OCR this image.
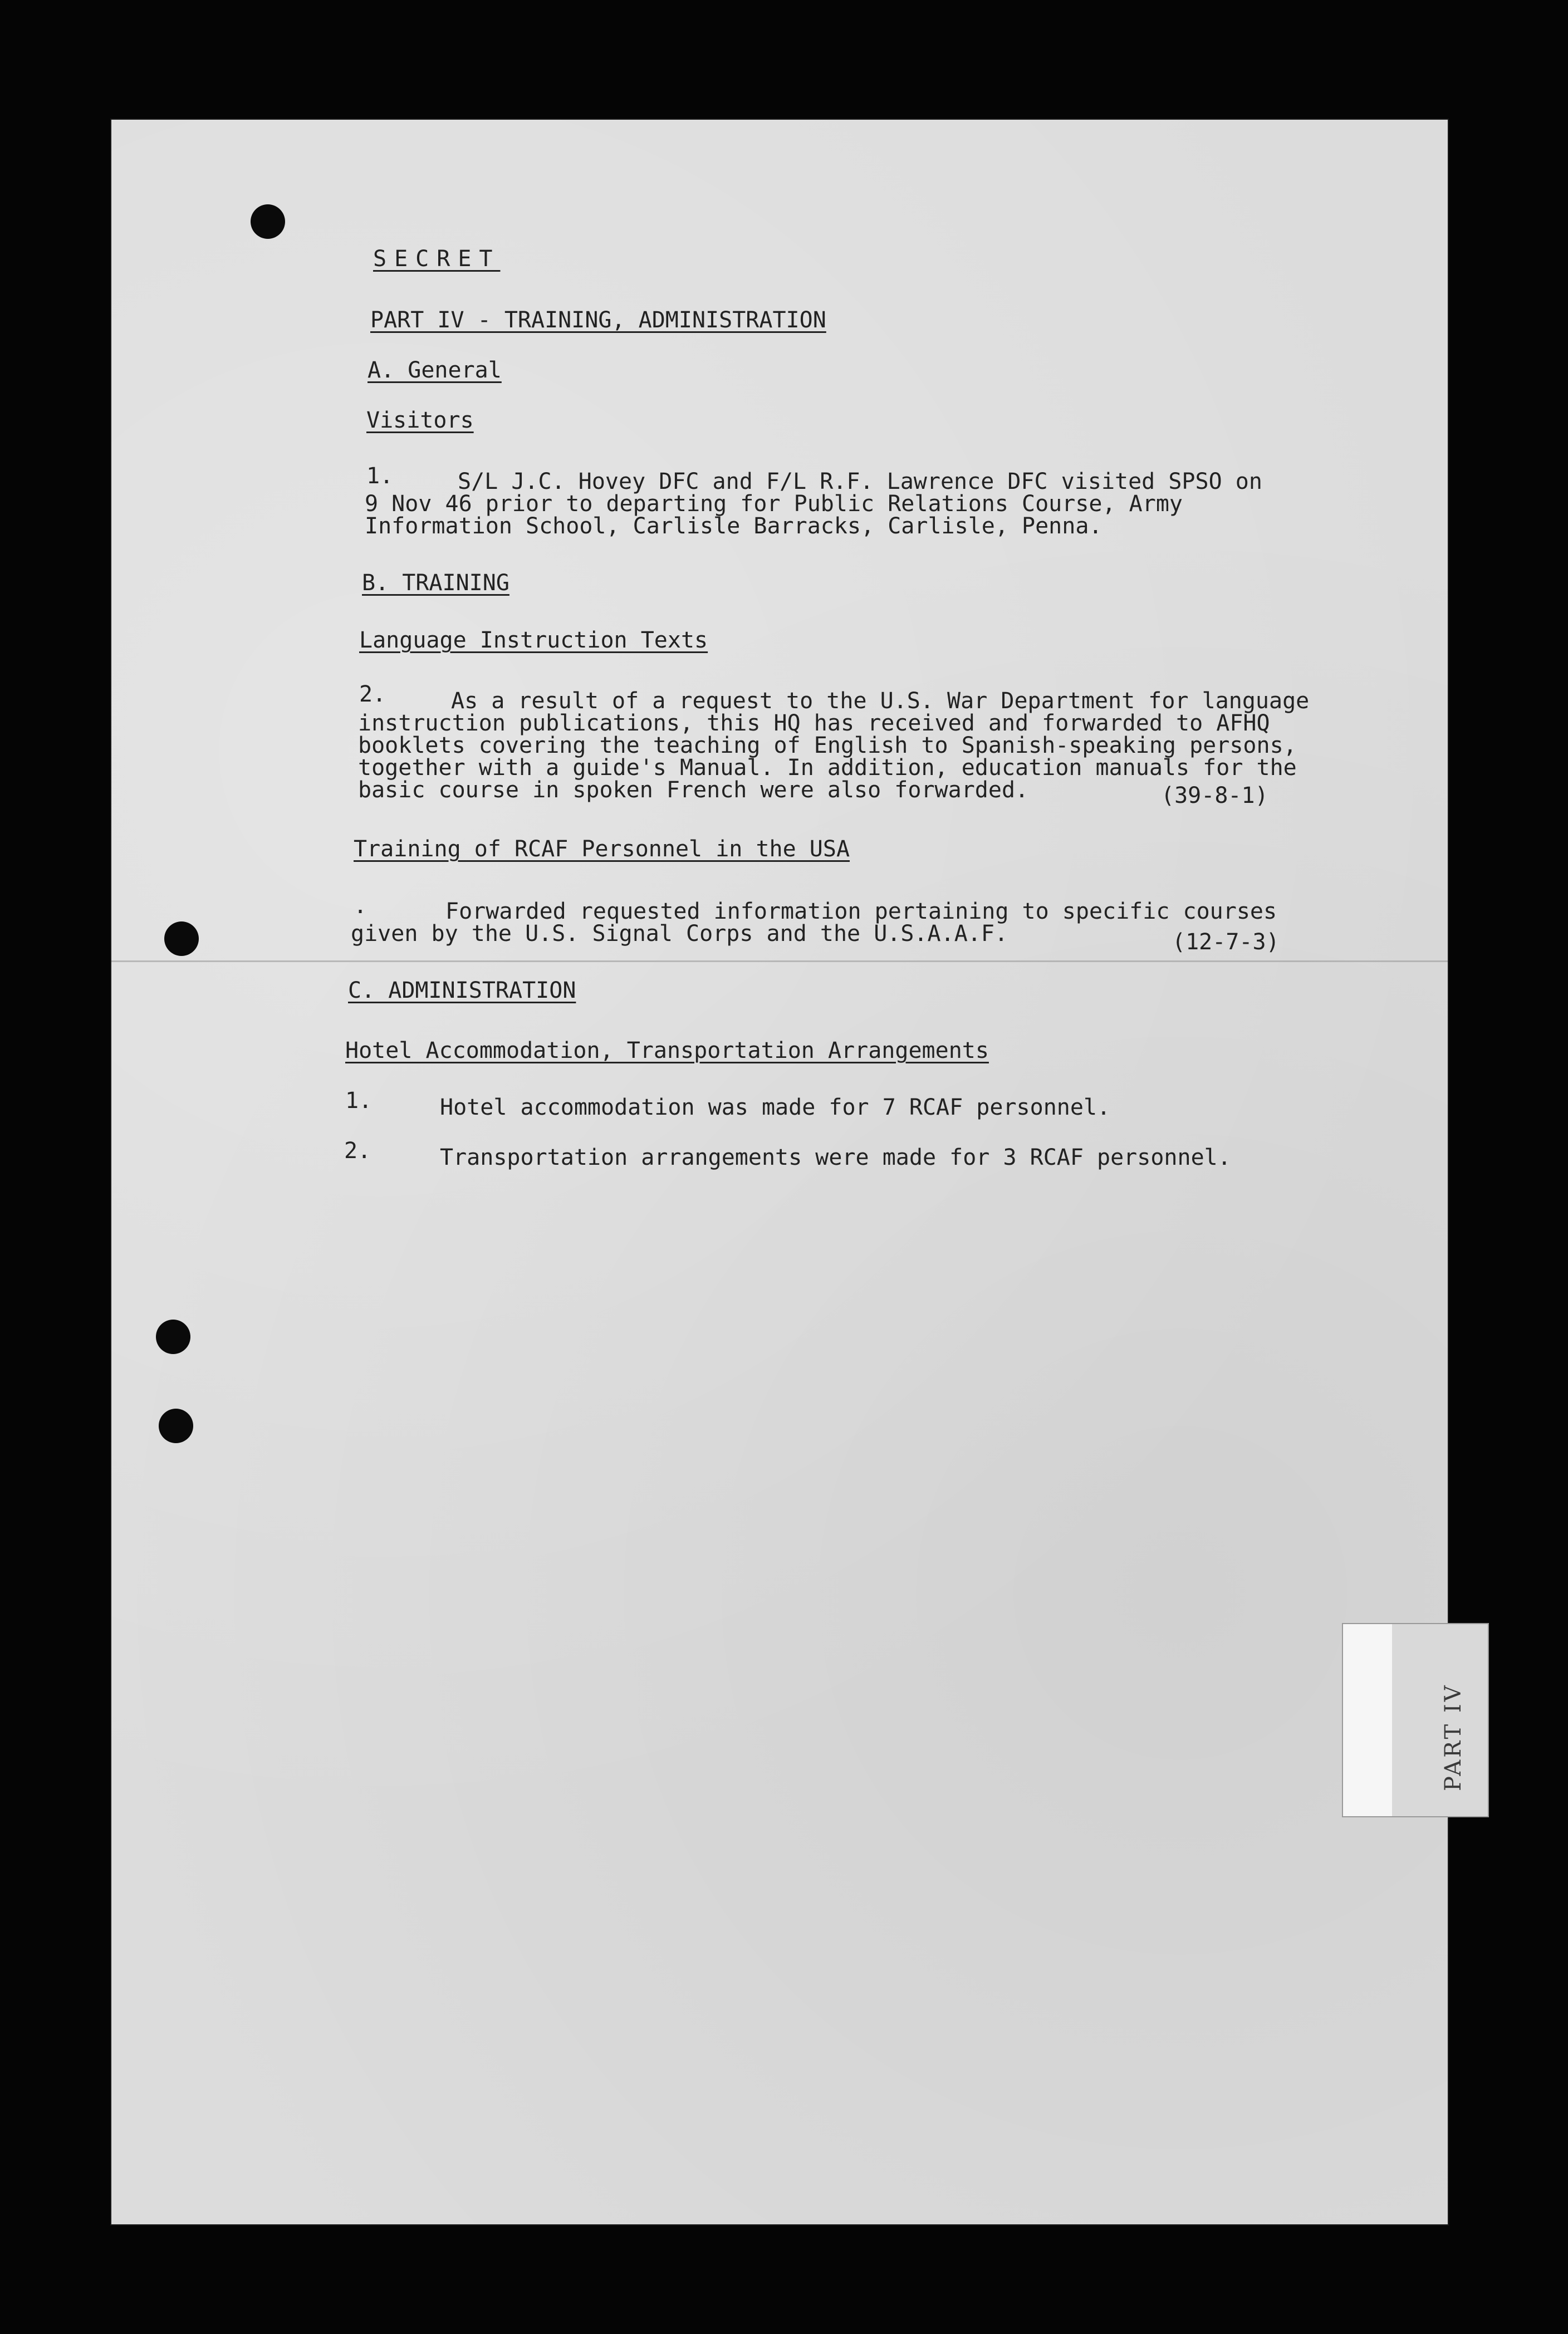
SECRET
PART IV - TRAINING, ADMINISTRATION
A. General
Visitors
1.	S/L J.C. Hovey DFC and F/L R.F. Lawrence DFC visited SPSO on
9 Nov 46 prior to departing for Public Relations Course, Army
Information School, Carlisle Barracks, Carlisle, Penna.
B. TRAINING
Language Instruction Texts
2.	As a result of a request to the U.S. War Department for language
instruction publications, this HQ has received and forwarded to AFHQ
booklets covering the teaching of English to Spanish-speaking persons,
together with a guide's Manual. In addition, education manuals for the
basic course in spoken French were also forwarded.	(39-8-1)
Training of RCAF Personnel in the USA
.	Forwarded requested information pertaining to specific courses
given by the U.S. Signal Corps and the U.S.A.A.F.	(12-7-3)
C. ADMINISTRATION
Hotel Accommodation, Transportation Arrangements
1.	Hotel accommodation was made for 7 RCAF personnel.
2.	Transportation arrangements were made for 3 RCAF personnel.
PART IV
